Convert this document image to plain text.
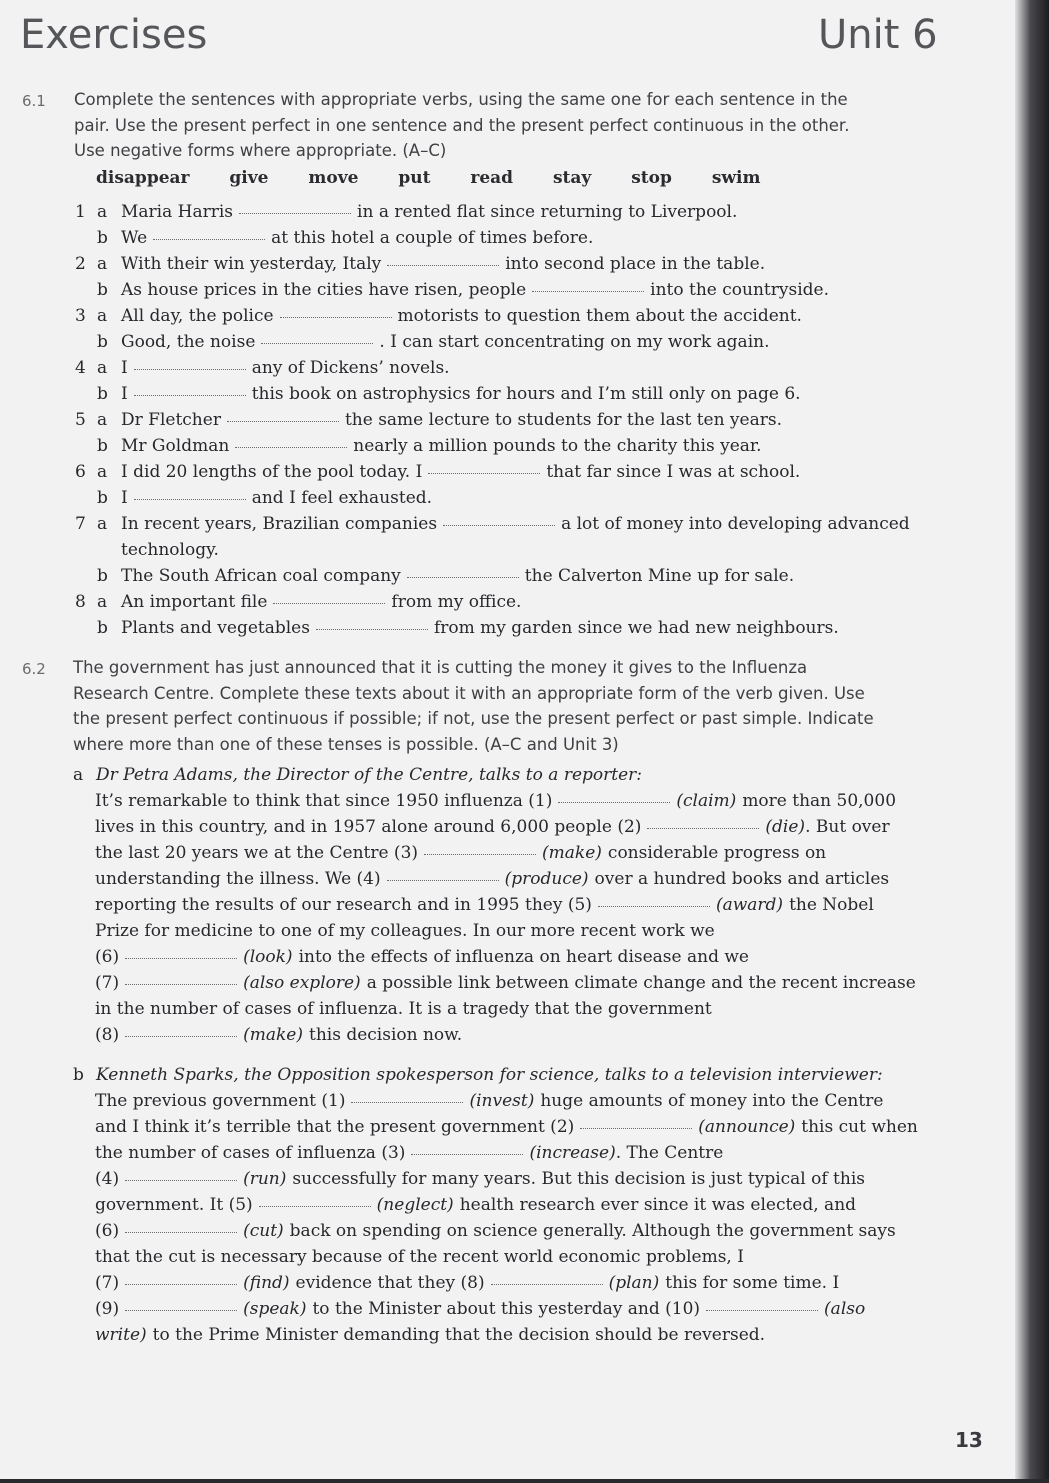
Exercises	Unit 6
6.1 Complete the sentences with appropriate verbs, using the same one for each sentence in the
pair. Use the present perfect in one sentence and the present perfect continuous in the other.
Use negative forms where appropriate. (A–C)
disappear give move put read stay stop swim
1 a Maria Harris	in a rented flat since returning to Liverpool.
b We	at this hotel a couple of times before.
2 a With their win yesterday, Italy	into second place in the table.
b As house prices in the cities have risen, people	into the countryside.
3 a All day, the police	motorists to question them about the accident.
b Good, the noise	. I can start concentrating on my work again.
4 a I	any of Dickens’ novels.
b I	this book on astrophysics for hours and I’m still only on page 6.
5 a Dr Fletcher	the same lecture to students for the last ten years.
b Mr Goldman	nearly a million pounds to the charity this year.
6 a I did 20 lengths of the pool today. I	that far since I was at school.
b I	and I feel exhausted.
7 a In recent years, Brazilian companies	a lot of money into developing advanced
technology.
b The South African coal company	the Calverton Mine up for sale.
8 a An important file	from my office.
b Plants and vegetables	from my garden since we had new neighbours.
6.2 The government has just announced that it is cutting the money it gives to the Influenza
Research Centre. Complete these texts about it with an appropriate form of the verb given. Use
the present perfect continuous if possible; if not, use the present perfect or past simple. Indicate
where more than one of these tenses is possible. (A–C and Unit 3)
a Dr Petra Adams, the Director of the Centre, talks to a reporter:
It’s remarkable to think that since 1950 influenza (1)	(claim) more than 50,000
lives in this country, and in 1957 alone around 6,000 people (2)	(die). But over
the last 20 years we at the Centre (3)	(make) considerable progress on
understanding the illness. We (4)	(produce) over a hundred books and articles
reporting the results of our research and in 1995 they (5)	(award) the Nobel
Prize for medicine to one of my colleagues. In our more recent work we
(6)	(look) into the effects of influenza on heart disease and we
(7)	(also explore) a possible link between climate change and the recent increase
in the number of cases of influenza. It is a tragedy that the government
(8)	(make) this decision now.
b Kenneth Sparks, the Opposition spokesperson for science, talks to a television interviewer:
The previous government (1)	(invest) huge amounts of money into the Centre
and I think it’s terrible that the present government (2)	(announce) this cut when
the number of cases of influenza (3)	(increase). The Centre
(4)	(run) successfully for many years. But this decision is just typical of this
government. It (5)	(neglect) health research ever since it was elected, and
(6)	(cut) back on spending on science generally. Although the government says
that the cut is necessary because of the recent world economic problems, I
(7)	(find) evidence that they (8)	(plan) this for some time. I
(9)	(speak) to the Minister about this yesterday and (10)	(also
write) to the Prime Minister demanding that the decision should be reversed.
13
